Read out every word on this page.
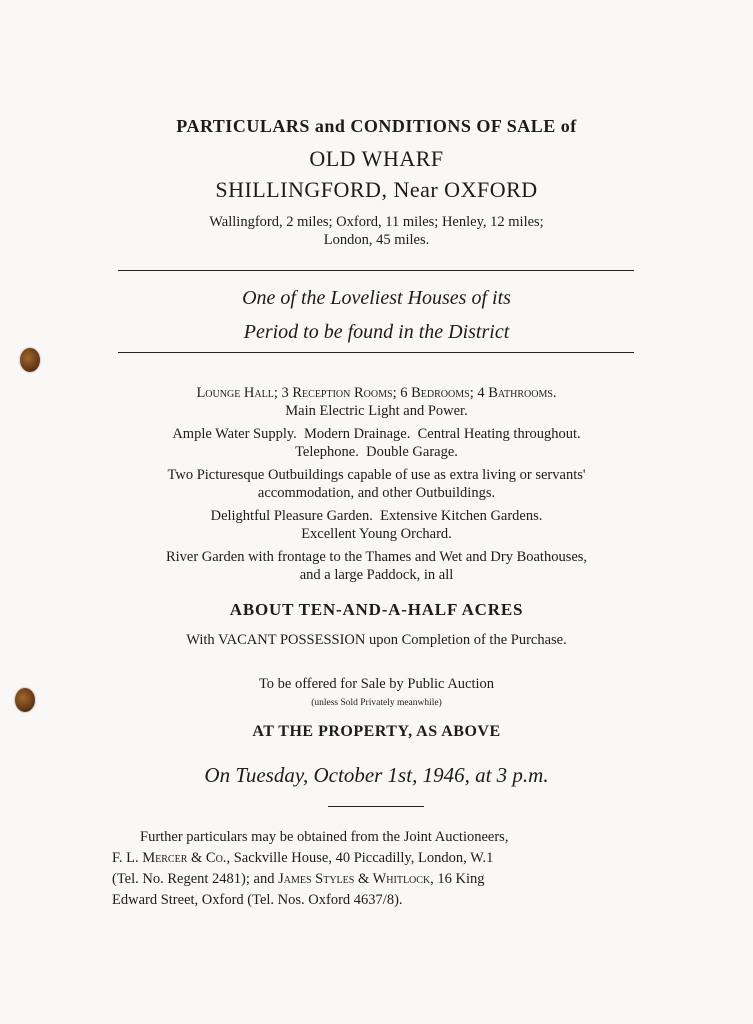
PARTICULARS and CONDITIONS OF SALE of
OLD WHARF
SHILLINGFORD, Near OXFORD
Wallingford, 2 miles; Oxford, 11 miles; Henley, 12 miles;
London, 45 miles.
One of the Loveliest Houses of its
Period to be found in the District
Lounge Hall; 3 Reception Rooms; 6 Bedrooms; 4 Bathrooms.
Main Electric Light and Power.
Ample Water Supply.  Modern Drainage.  Central Heating throughout.
Telephone.  Double Garage.
Two Picturesque Outbuildings capable of use as extra living or servants'
accommodation, and other Outbuildings.
Delightful Pleasure Garden.  Extensive Kitchen Gardens.
Excellent Young Orchard.
River Garden with frontage to the Thames and Wet and Dry Boathouses,
and a large Paddock, in all
ABOUT TEN-AND-A-HALF ACRES
With VACANT POSSESSION upon Completion of the Purchase.
To be offered for Sale by Public Auction
(unless Sold Privately meanwhile)
AT THE PROPERTY, AS ABOVE
On Tuesday, October 1st, 1946, at 3 p.m.
Further particulars may be obtained from the Joint Auctioneers,
F. L. Mercer & Co., Sackville House, 40 Piccadilly, London, W.1
(Tel. No. Regent 2481); and James Styles & Whitlock, 16 King
Edward Street, Oxford (Tel. Nos. Oxford 4637/8).
